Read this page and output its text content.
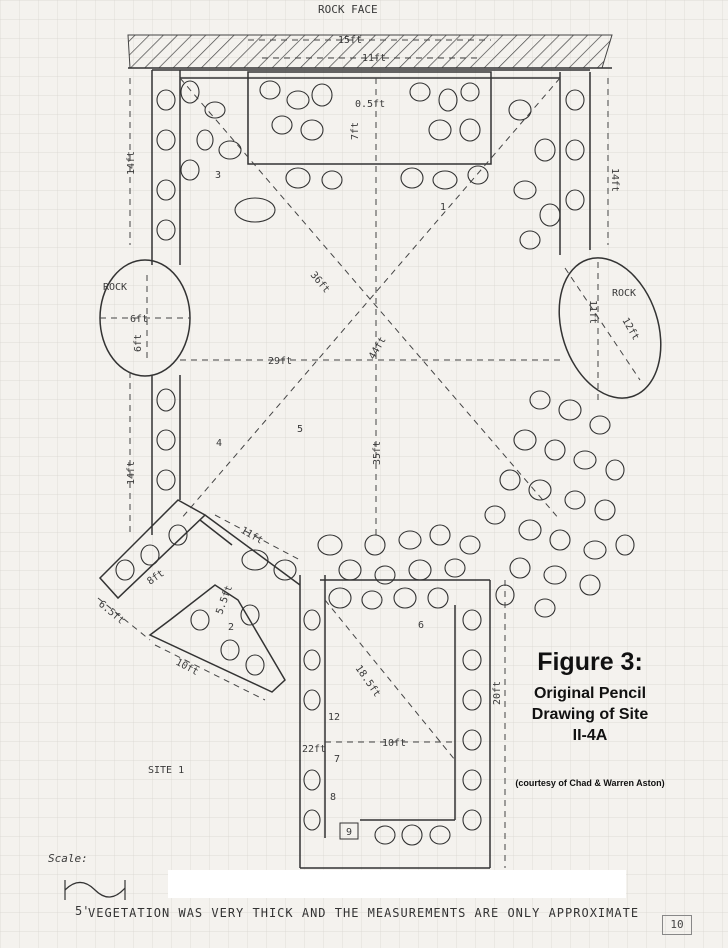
ROCK FACE
15ft
11ft
0.5ft
7ft
14ft
14ft
ROCK
ROCK
6ft
6ft
11ft
12ft
29ft
36ft
44ft
35ft
14ft
11ft
8ft
5.5ft
6.5ft
10ft	18.5ft
10ft
20ft
22ft
SITE 1
Scale:
5'
1
2
3
4
5
6
7
8
9
12
Figure 3:
Original Pencil
Drawing of Site
II-4A
(courtesy of Chad & Warren Aston)
VEGETATION WAS VERY THICK AND THE MEASUREMENTS ARE ONLY APPROXIMATE
10
